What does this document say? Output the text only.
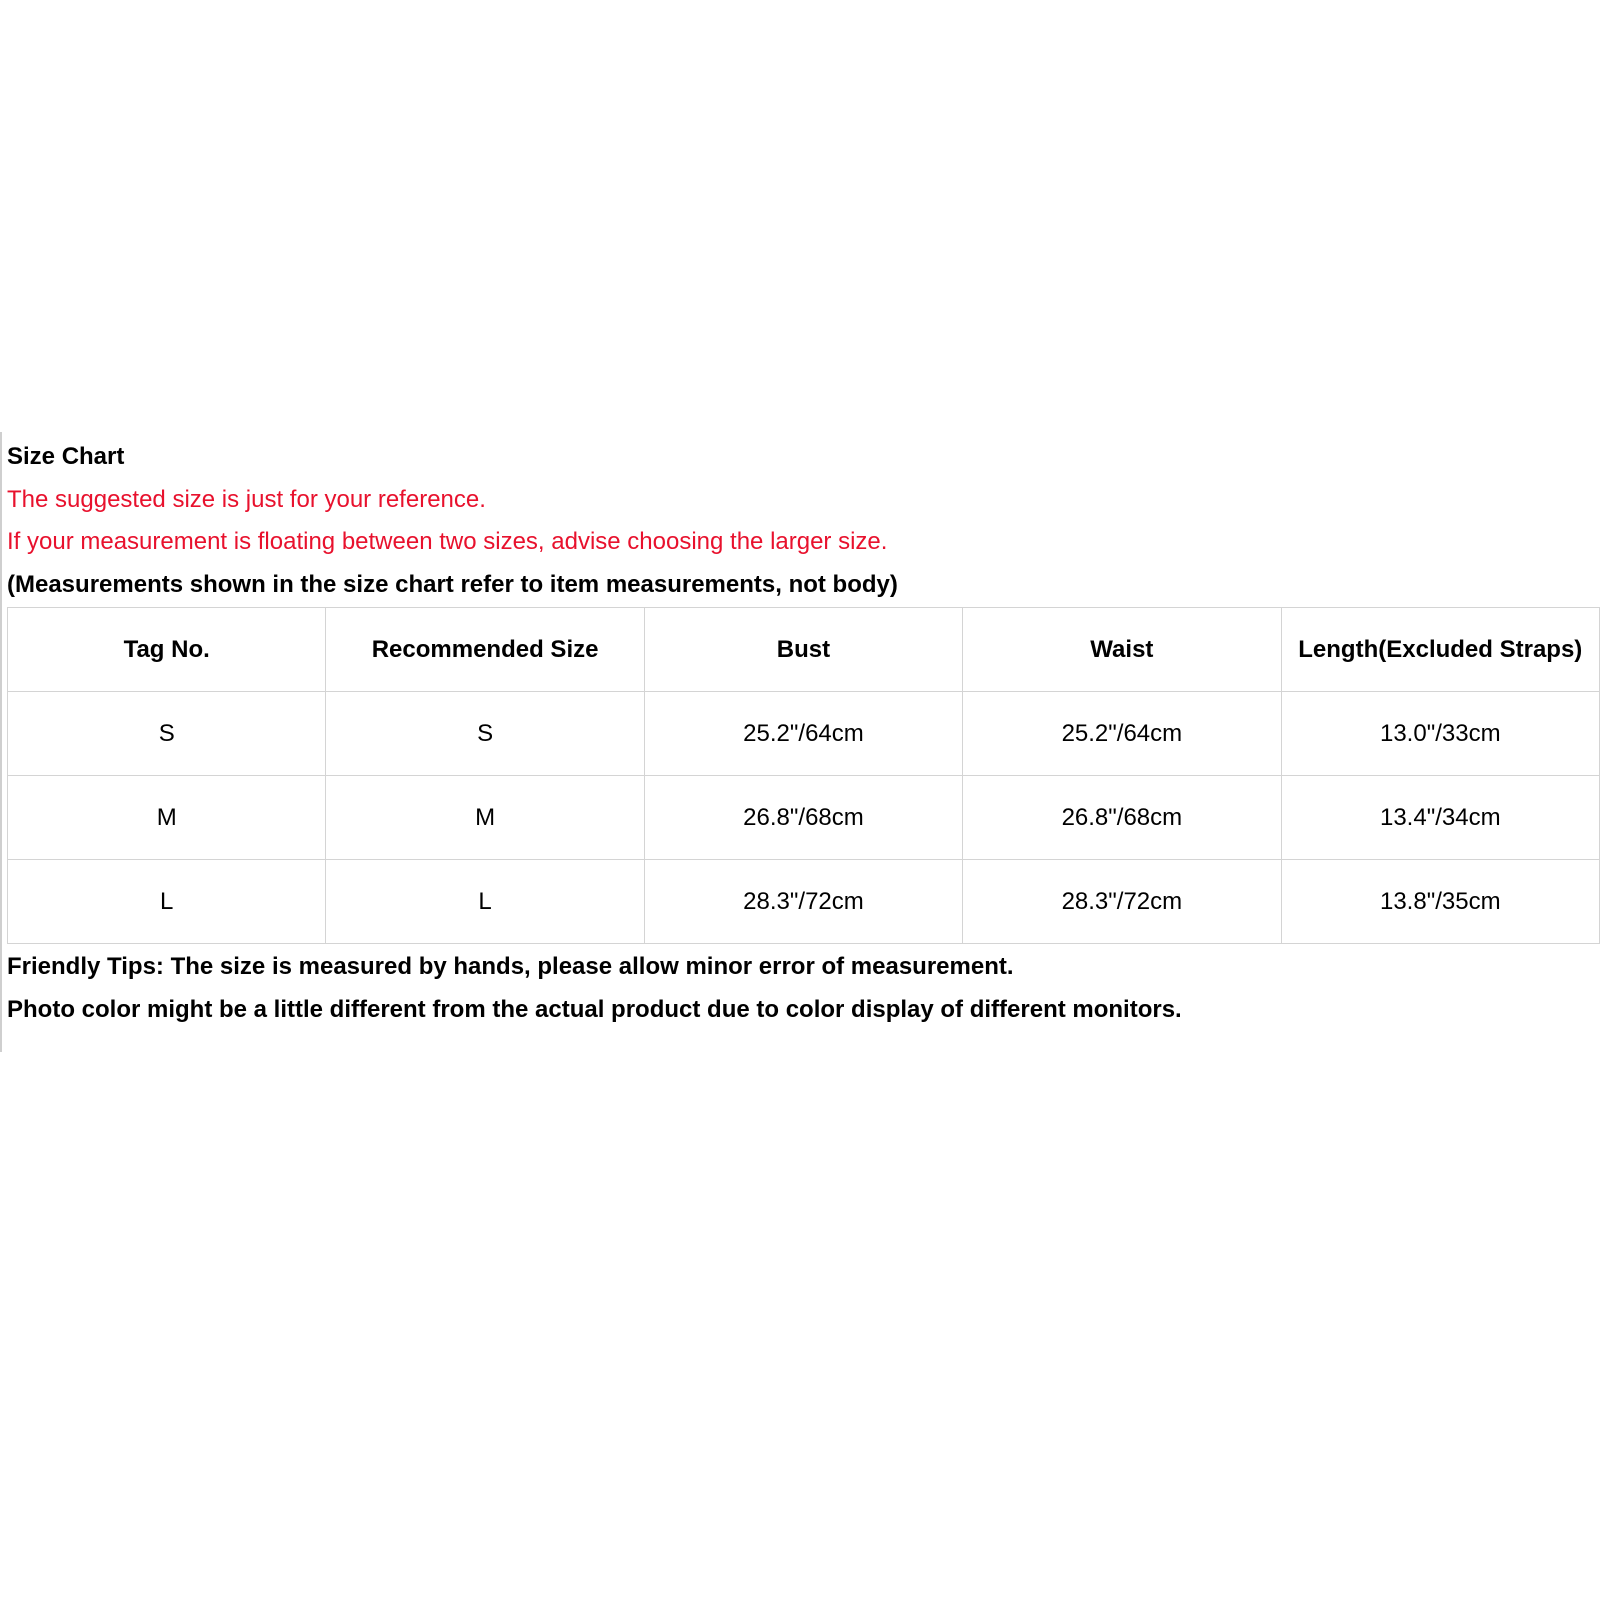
Size Chart
The suggested size is just for your reference.
If your measurement is floating between two sizes, advise choosing the larger size.
(Measurements shown in the size chart refer to item measurements, not body)
Tag No.	Recommended Size	Bust	Waist	Length(Excluded Straps)
S	S	25.2"/64cm	25.2"/64cm	13.0"/33cm
M	M	26.8"/68cm	26.8"/68cm	13.4"/34cm
L	L	28.3"/72cm	28.3"/72cm	13.8"/35cm
Friendly Tips: The size is measured by hands, please allow minor error of measurement.
Photo color might be a little different from the actual product due to color display of different monitors.
